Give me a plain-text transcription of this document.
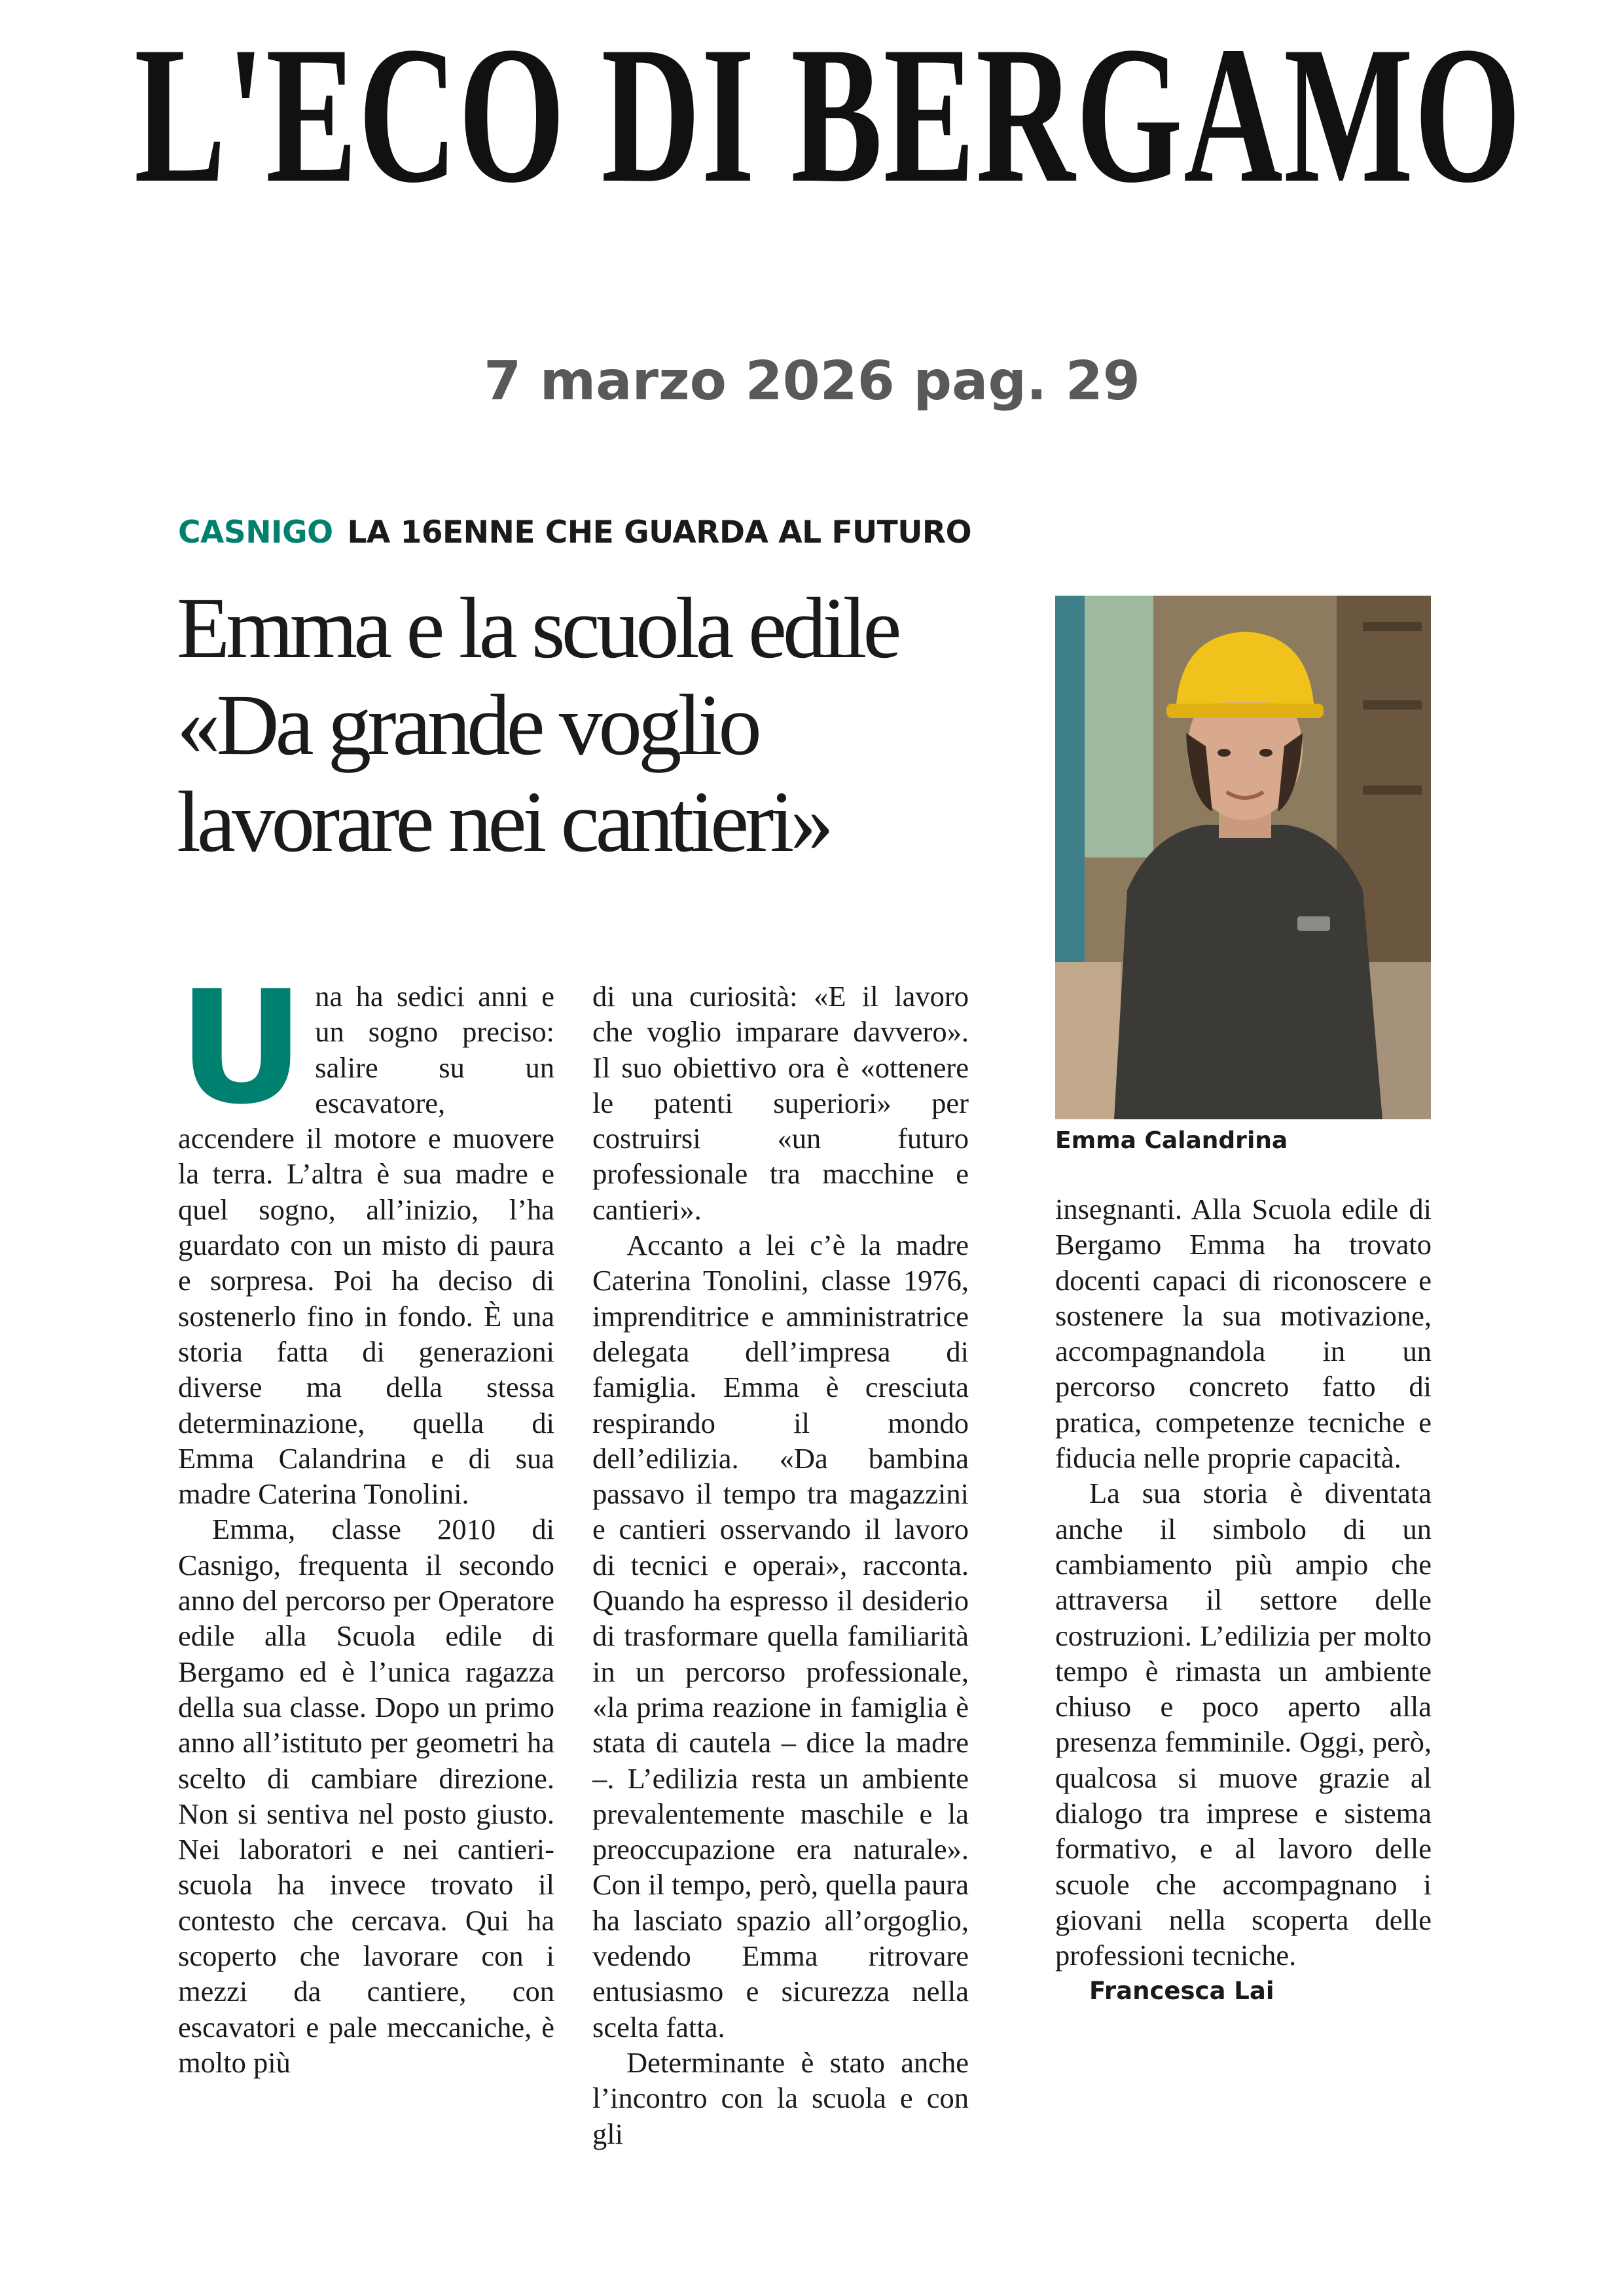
L'ECO DI BERGAMO
7 marzo 2026 pag. 29
CASNIGO LA 16ENNE CHE GUARDA AL FUTURO
Emma e la scuola edile
«Da grande voglio
lavorare nei cantieri»
Emma Calandrina

Una ha sedici anni e un sogno preciso: salire su un escavatore, accendere il motore e muovere la terra. L’altra è sua madre e quel sogno, all’inizio, l’ha guardato con un misto di paura e sorpresa. Poi ha deciso di sostenerlo fino in fondo. È una storia fatta di generazioni diverse ma della stessa determinazione, quella di Emma Calandrina e di sua madre Caterina Tonolini.

Emma, classe 2010 di Casnigo, frequenta il secondo anno del percorso per Operatore edile alla Scuola edile di Bergamo ed è l’unica ragazza della sua classe. Dopo un primo anno all’istituto per geometri ha scelto di cambiare direzione. Non si sentiva nel posto giusto. Nei laboratori e nei cantieri-scuola ha invece trovato il contesto che cercava. Qui ha scoperto che lavorare con i mezzi da cantiere, con escavatori e pale meccaniche, è molto più

di una curiosità: «E il lavoro che voglio imparare davvero». Il suo obiettivo ora è «ottenere le patenti superiori» per costruirsi «un futuro professionale tra macchine e cantieri».

Accanto a lei c’è la madre Caterina Tonolini, classe 1976, imprenditrice e amministratrice delegata dell’impresa di famiglia. Emma è cresciuta respirando il mondo dell’edilizia. «Da bambina passavo il tempo tra magazzini e cantieri osservando il lavoro di tecnici e operai», racconta. Quando ha espresso il desiderio di trasformare quella familiarità in un percorso professionale, «la prima reazione in famiglia è stata di cautela – dice la madre –. L’edilizia resta un ambiente prevalentemente maschile e la preoccupazione era naturale». Con il tempo, però, quella paura ha lasciato spazio all’orgoglio, vedendo Emma ritrovare entusiasmo e sicurezza nella scelta fatta.

Determinante è stato anche l’incontro con la scuola e con gli

insegnanti. Alla Scuola edile di Bergamo Emma ha trovato docenti capaci di riconoscere e sostenere la sua motivazione, accompagnandola in un percorso concreto fatto di pratica, competenze tecniche e fiducia nelle proprie capacità.

La sua storia è diventata anche il simbolo di un cambiamento più ampio che attraversa il settore delle costruzioni. L’edilizia per molto tempo è rimasta un ambiente chiuso e poco aperto alla presenza femminile. Oggi, però, qualcosa si muove grazie al dialogo tra imprese e sistema formativo, e al lavoro delle scuole che accompagnano i giovani nella scoperta delle professioni tecniche.

Francesca Lai
